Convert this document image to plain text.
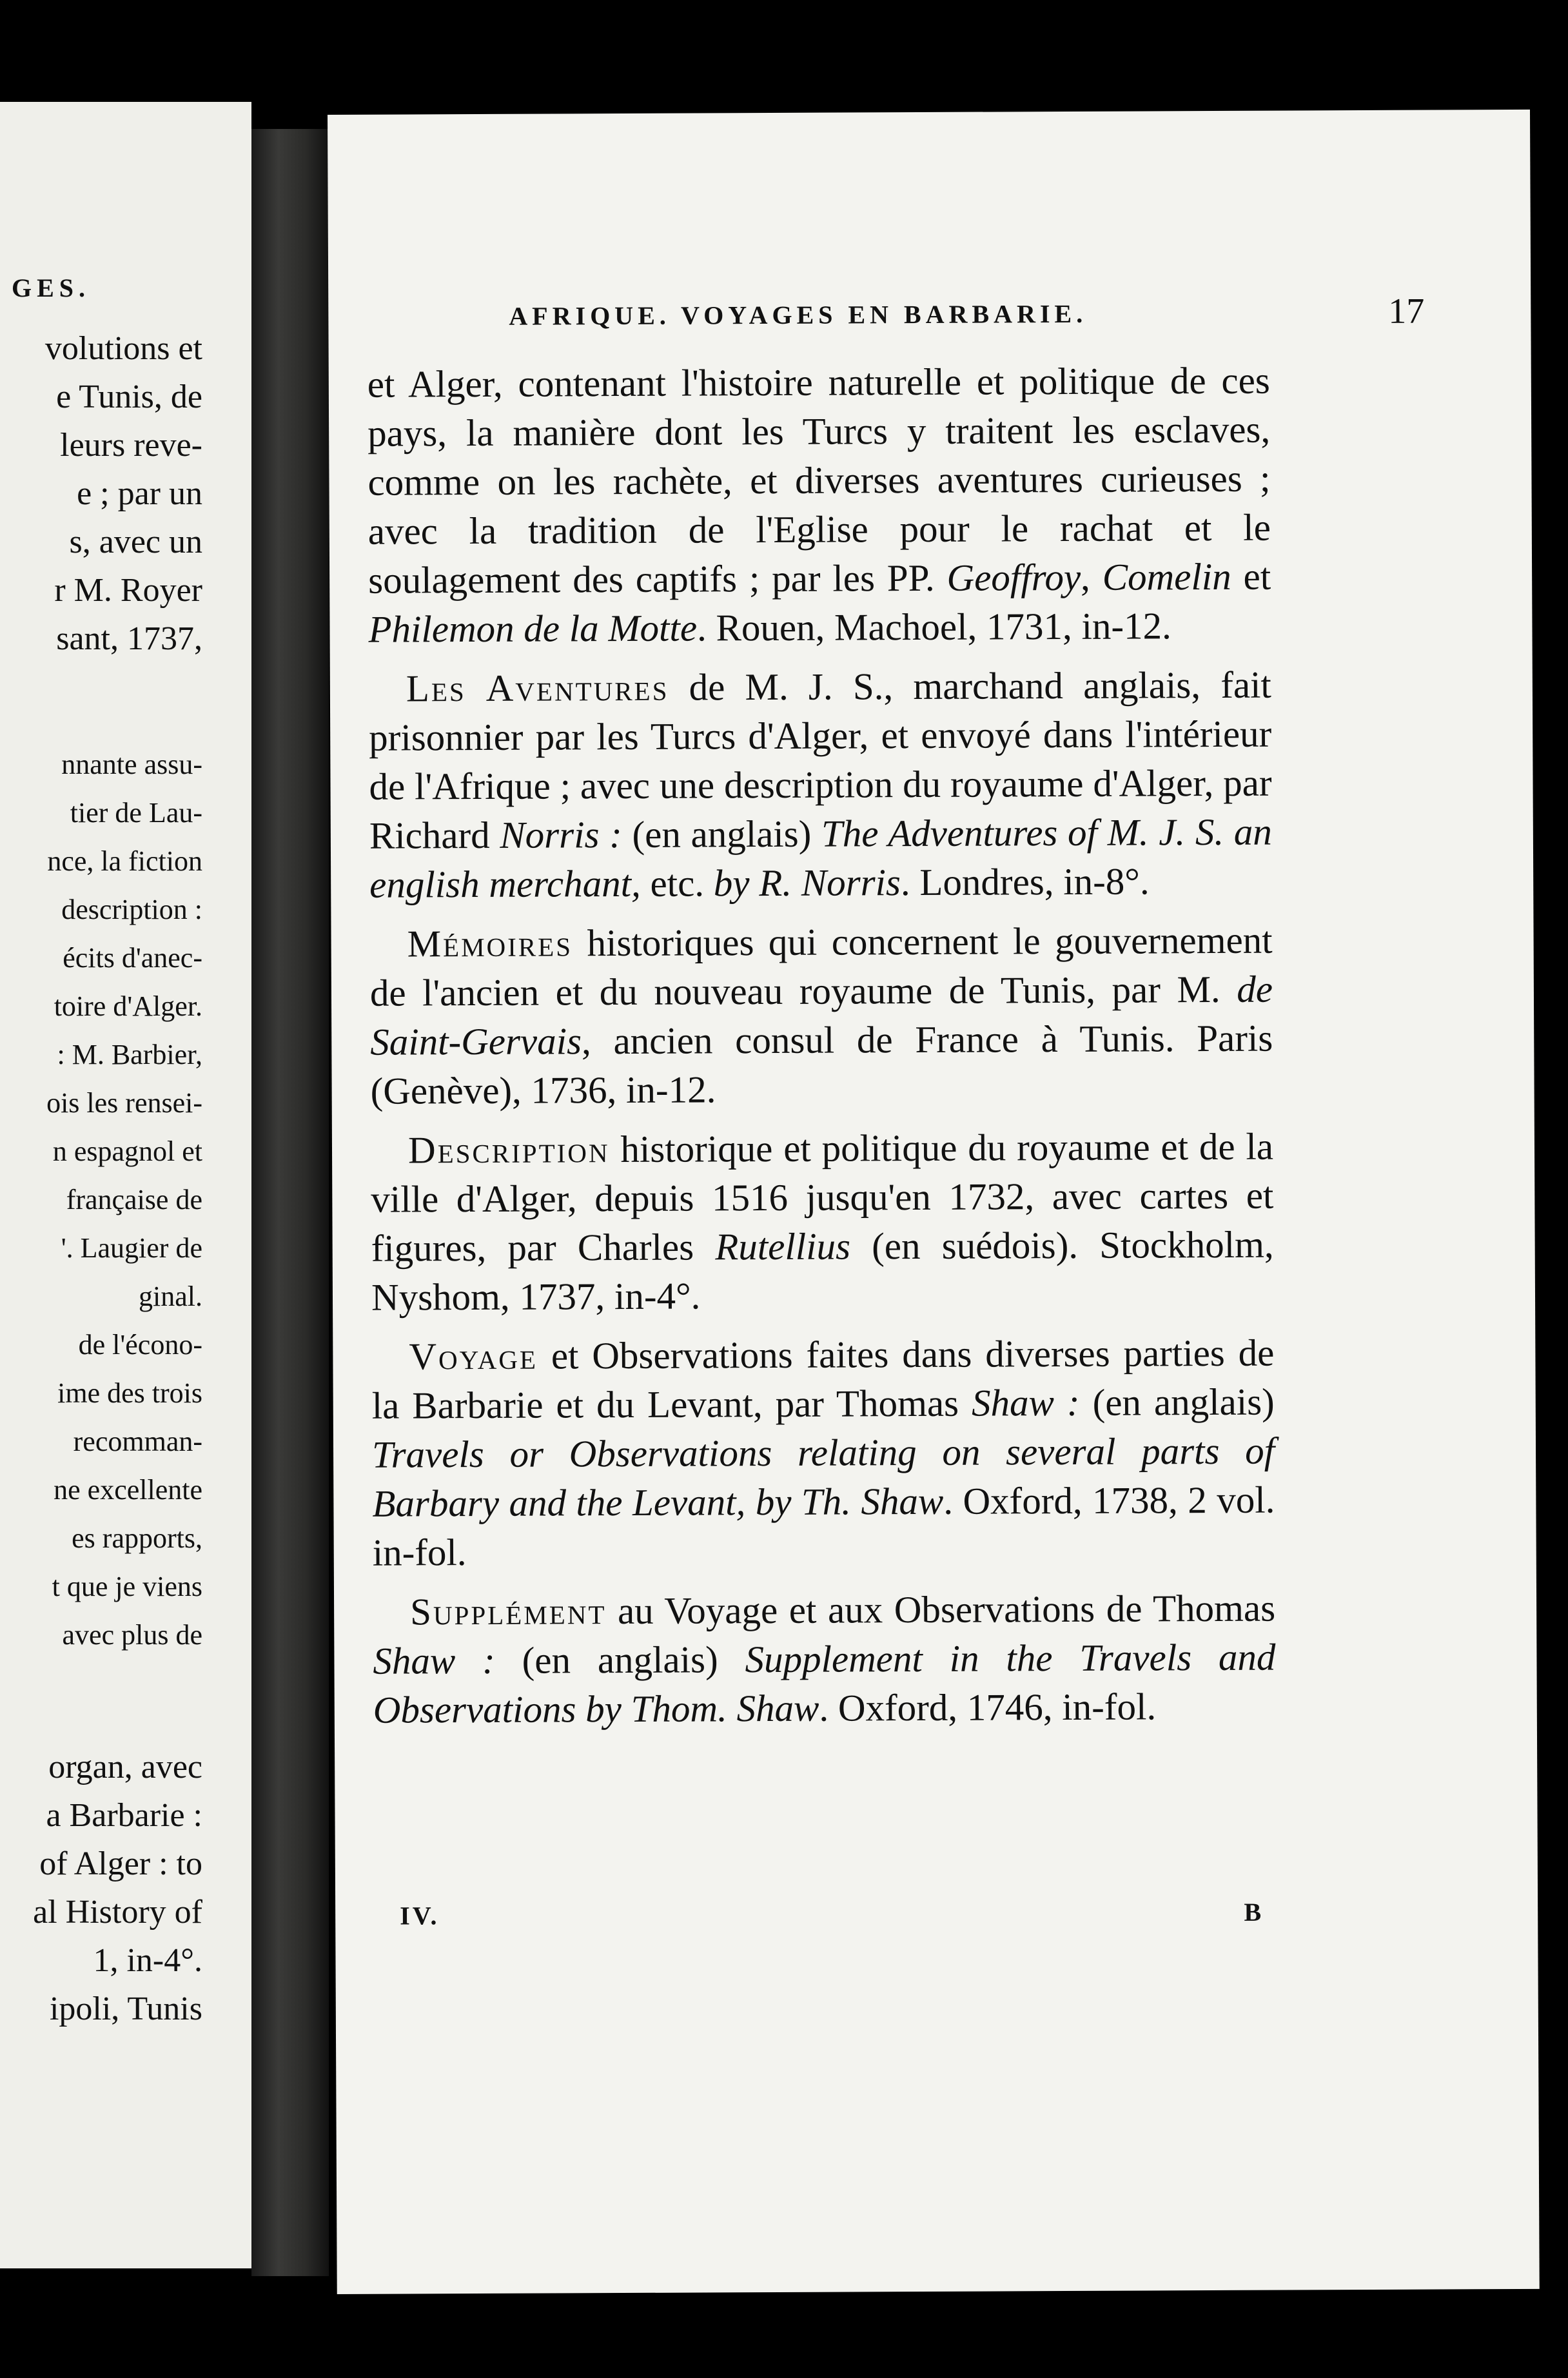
GES.
volutions et
e Tunis, de
leurs reve-
e ; par un
s, avec un
r M. Royer
sant, 1737,
nnante assu-
tier de Lau-
nce, la fiction
description :
écits d'anec-
toire d'Alger.
: M. Barbier,
ois les rensei-
n espagnol et
française de
'. Laugier de
ginal.
de l'écono-
ime des trois
recomman-
ne excellente
es rapports,
t que je viens
avec plus de
organ, avec
a Barbarie :
of Alger : to
al History of
1, in-4°.
ipoli, Tunis
AFRIQUE. VOYAGES EN BARBARIE.	17

et Alger, contenant l'histoire naturelle et politique de ces pays, la manière dont les Turcs y traitent les esclaves, comme on les rachète, et diverses aventures curieuses ; avec la tradition de l'Eglise pour le rachat et le soulagement des captifs ; par les PP. Geoffroy, Comelin et Philemon de la Motte. Rouen, Machoel, 1731, in-12.

Les Aventures de M. J. S., marchand anglais, fait prisonnier par les Turcs d'Alger, et envoyé dans l'intérieur de l'Afrique ; avec une description du royaume d'Alger, par Richard Norris : (en anglais) The Adventures of M. J. S. an english merchant, etc. by R. Norris. Londres, in-8°.

Mémoires historiques qui concernent le gouvernement de l'ancien et du nouveau royaume de Tunis, par M. de Saint-Gervais, ancien consul de France à Tunis. Paris (Genève), 1736, in-12.

Description historique et politique du royaume et de la ville d'Alger, depuis 1516 jusqu'en 1732, avec cartes et figures, par Charles Rutellius (en suédois). Stockholm, Nyshom, 1737, in-4°.

Voyage et Observations faites dans diverses parties de la Barbarie et du Levant, par Thomas Shaw : (en anglais) Travels or Observations relating on several parts of Barbary and the Levant, by Th. Shaw. Oxford, 1738, 2 vol. in-fol.

Supplément au Voyage et aux Observations de Thomas Shaw : (en anglais) Supplement in the Travels and Observations by Thom. Shaw. Oxford, 1746, in-fol.

IV.	B
